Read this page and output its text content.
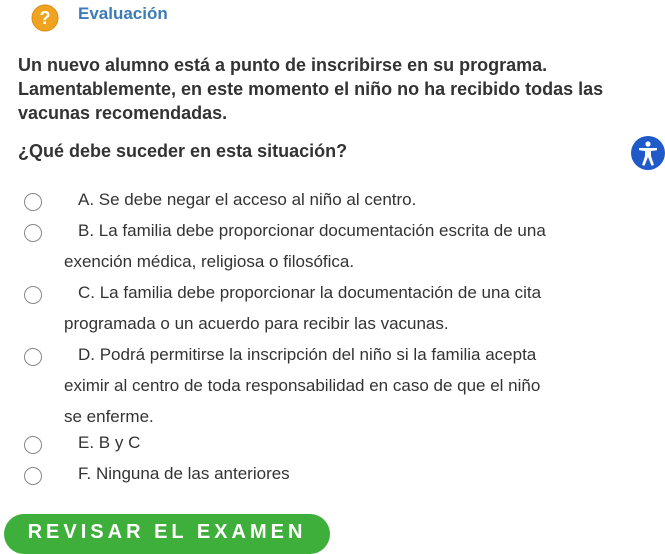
? Evaluación
Un nuevo alumno está a punto de inscribirse en su programa. Lamentablemente, en este momento el niño no ha recibido todas las vacunas recomendadas.
¿Qué debe suceder en esta situación?
A. Se debe negar el acceso al niño al centro.
B. La familia debe proporcionar documentación escrita de una
exención médica, religiosa o filosófica.
C. La familia debe proporcionar la documentación de una cita
programada o un acuerdo para recibir las vacunas.
D. Podrá permitirse la inscripción del niño si la familia acepta
eximir al centro de toda responsabilidad en caso de que el niño
se enferme.
E. B y C
F. Ninguna de las anteriores
REVISAR EL EXAMEN
